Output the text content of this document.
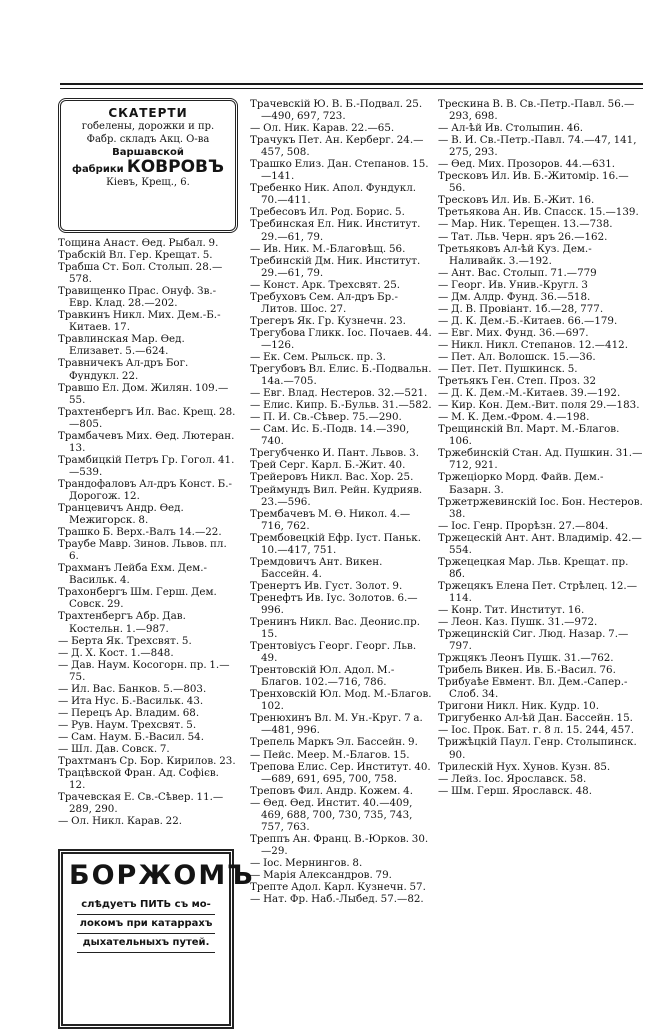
СКАТЕРТИ
гобелены, дорожки и пр.
Фабр. складъ Акц. О-ва
Варшавской
фабрики КОВРОВЪ
Кіевъ, Крещ., 6.

Тощина Анаст. Ѳед. Рыбал. 9.

Трабскій Вл. Гер. Крещат. 5.

Трабша Ст. Бол. Столып. 28.—578.

Травищенко Прас. Онуф. Зв.-Евр. Клад. 28.—202.

Травкинъ Никл. Мих. Дем.-Б.-Китаев. 17.

Травлинская Мар. Ѳед. Елизавет. 5.—624.

Травничекъ Ал-дръ Бог. Фундукл. 22.

Травшо Ел. Дом. Жилян. 109.—55.

Трахтенбергъ Ил. Вас. Крещ. 28.—805.

Трамбачевъ Мих. Ѳед. Лютеран. 13.

Трамбицкій Петръ Гр. Гогол. 41.—539.

Трандофаловъ Ал-дръ Конст. Б.-Дорогож. 12.

Транцевичъ Андр. Ѳед. Межигорск. 8.

Трашко Б. Верх.-Валъ 14.—22.

Траубе Мавр. Зинов. Львов. пл. 6.

Трахманъ Лейба Ехм. Дем.-Васильк. 4.

Трахонбергъ Шм. Герш. Дем. Совск. 29.

Трахтенбергъ Абр. Дав. Костельн. 1.—987.

— Берта Як. Трехсвят. 5.

— Д. Х. Кост. 1.—848.

— Дав. Наум. Косогорн. пр. 1.—75.

— Ил. Вас. Банков. 5.—803.

— Ита Нус. Б.-Васильк. 43.

— Перецъ Ар. Владим. 68.

— Рув. Наум. Трехсвят. 5.

— Сам. Наум. Б.-Васил. 54.

— Шл. Дав. Совск. 7.

Трахтманъ Ср. Бор. Кирилов. 23.

Трацѣвской Фран. Ад. Софієв. 12.

Трачевская Е. Св.-Сѣвер. 11.—289, 290.

— Ол. Никл. Карав. 22.

БОРЖОМЪ
слѣдуетъ ПИТЬ съ мо-
локомъ при катаррахъ
дыхательныхъ путей.

Трачевскій Ю. В. Б.-Подвал. 25.—490, 697, 723.

— Ол. Ник. Карав. 22.—65.

Трачукъ Пет. Ан. Керберг. 24.—457, 508.

Трашко Елиз. Дан. Степанов. 15.—141.

Требенко Ник. Апол. Фундукл. 70.—411.

Требесовъ Ил. Род. Борис. 5.

Требинская Ел. Ник. Институт. 29.—61, 79.

— Ив. Ник. М.-Благовѣщ. 56.

Требинскій Дм. Ник. Институт. 29.—61, 79.

— Конст. Арк. Трехсвят. 25.

Требуховъ Сем. Ал-дръ Бр.-Литов. Шос. 27.

Трегеръ Як. Гр. Кузнечн. 23.

Трегубова Гликк. Іос. Почаев. 44.—126.

— Ек. Сем. Рыльск. пр. 3.

Трегубовъ Вл. Елис. Б.-Подвальн. 14а.—705.

— Евг. Влад. Нестеров. 32.—521.

— Елис. Кипр. Б.-Бульв. 31.—582.

— П. И. Св.-Сѣвер. 75.—290.

— Сам. Ис. Б.-Подв. 14.—390, 740.

Трегубченко И. Пант. Львов. 3.

Трей Серг. Карл. Б.-Жит. 40.

Трейеровъ Никл. Вас. Хор. 25.

Треймундъ Вил. Рейн. Кудрияв. 23.—596.

Трембачевъ М. Ѳ. Никол. 4.—716, 762.

Трембовецкій Ефр. Іуст. Паньк. 10.—417, 751.

Тремдовичъ Ант. Викен. Бассейн. 4.

Тренертъ Ив. Густ. Золот. 9.

Тренефтъ Ив. Іус. Золотов. 6.—996.

Тренинъ Никл. Вас. Деонис.пр. 15.

Трентовіусъ Георг. Георг. Льв. 49.

Трентовскій Юл. Адол. М.-Благов. 102.—716, 786.

Тренховскій Юл. Мод. М.-Благов. 102.

Тренюхинъ Вл. М. Ун.-Круг. 7 а.—481, 996.

Трепель Маркъ Эл. Бассейн. 9.

— Пейс. Меер. М.-Благов. 15.

Трепова Елис. Сер. Институт. 40.—689, 691, 695, 700, 758.

Треповъ Фил. Андр. Кожем. 4.

— Ѳед. Ѳед. Инстит. 40.—409, 469, 688, 700, 730, 735, 743, 757, 763.

Треппъ Ан. Франц. В.-Юрков. 30.—29.

— Іос. Мернингов. 8.

— Марія Александров. 79.

Трепте Адол. Карл. Кузнечн. 57.

— Нат. Фр. Наб.-Лыбед. 57.—82.

Трескина В. В. Св.-Петр.-Павл. 56.—293, 698.

— Ал-ѣй Ив. Столыпин. 46.

— В. И. Св.-Петр.-Павл. 74.—47, 141, 275, 293.

— Ѳед. Мих. Прозоров. 44.—631.

Тресковъ Ил. Ив. Б.-Житомір. 16.—56.

Тресковъ Ил. Ив. Б.-Жит. 16.

Третьякова Ан. Ив. Спасск. 15.—139.

— Мар. Ник. Терещен. 13.—738.

— Тат. Льв. Черн. яръ 26.—162.

Третьяковъ Ал-ѣй Куз. Дем.-Наливайк. 3.—192.

— Ант. Вас. Столып. 71.—779

— Георг. Ив. Унив.-Кругл. 3

— Дм. Алдр. Фунд. 36.—518.

— Д. В. Провіант. 1б.—28, 777.

— Д. К. Дем.-Б.-Китаев. 66.—179.

— Евг. Мих. Фунд. 36.—697.

— Никл. Никл. Степанов. 12.—412.

— Пет. Ал. Волошск. 15.—36.

— Пет. Пет. Пушкинск. 5.

Третьякъ Ген. Степ. Проз. 32

— Д. К. Дем.-М.-Китаев. 39.—192.

— Кир. Кон. Дем.-Вит. поля 29.—183.

— М. К. Дем.-Фром. 4.—198.

Трещинскій Вл. Март. М.-Благов. 106.

Тржебинскій Стан. Ад. Пушкин. 31.—712, 921.

Тржеціорко Морд. Файв. Дем.-Базарн. 3.

Тржетржевинскій Іос. Бон. Нестеров. 38.

— Іос. Генр. Прорѣзн. 27.—804.

Тржецескій Ант. Ант. Владимір. 42.—554.

Тржецецкая Мар. Льв. Крещат. пр. 8б.

Тржецякъ Елена Пет. Стрѣлец. 12.—114.

— Конр. Тит. Институт. 16.

— Леон. Каз. Пушк. 31.—972.

Тржецинскій Сиг. Люд. Назар. 7.—797.

Тржцякъ Леонъ Пушк. 31.—762.

Трибель Викен. Ив. Б.-Васил. 76.

Трибуаѣе Евмент. Вл. Дем.-Сапер.-Слоб. 34.

Тригони Никл. Ник. Кудр. 10.

Тригубенко Ал-ѣй Дан. Бассейн. 15.

— Іос. Прок. Бат. г. 8 л. 15. 244, 457.

Трижѣцкій Паул. Генр. Столыпинск. 90.

Трилескій Нух. Хунов. Кузн. 85.

— Лейз. Іос. Ярославск. 58.

— Шм. Герш. Ярославск. 48.
